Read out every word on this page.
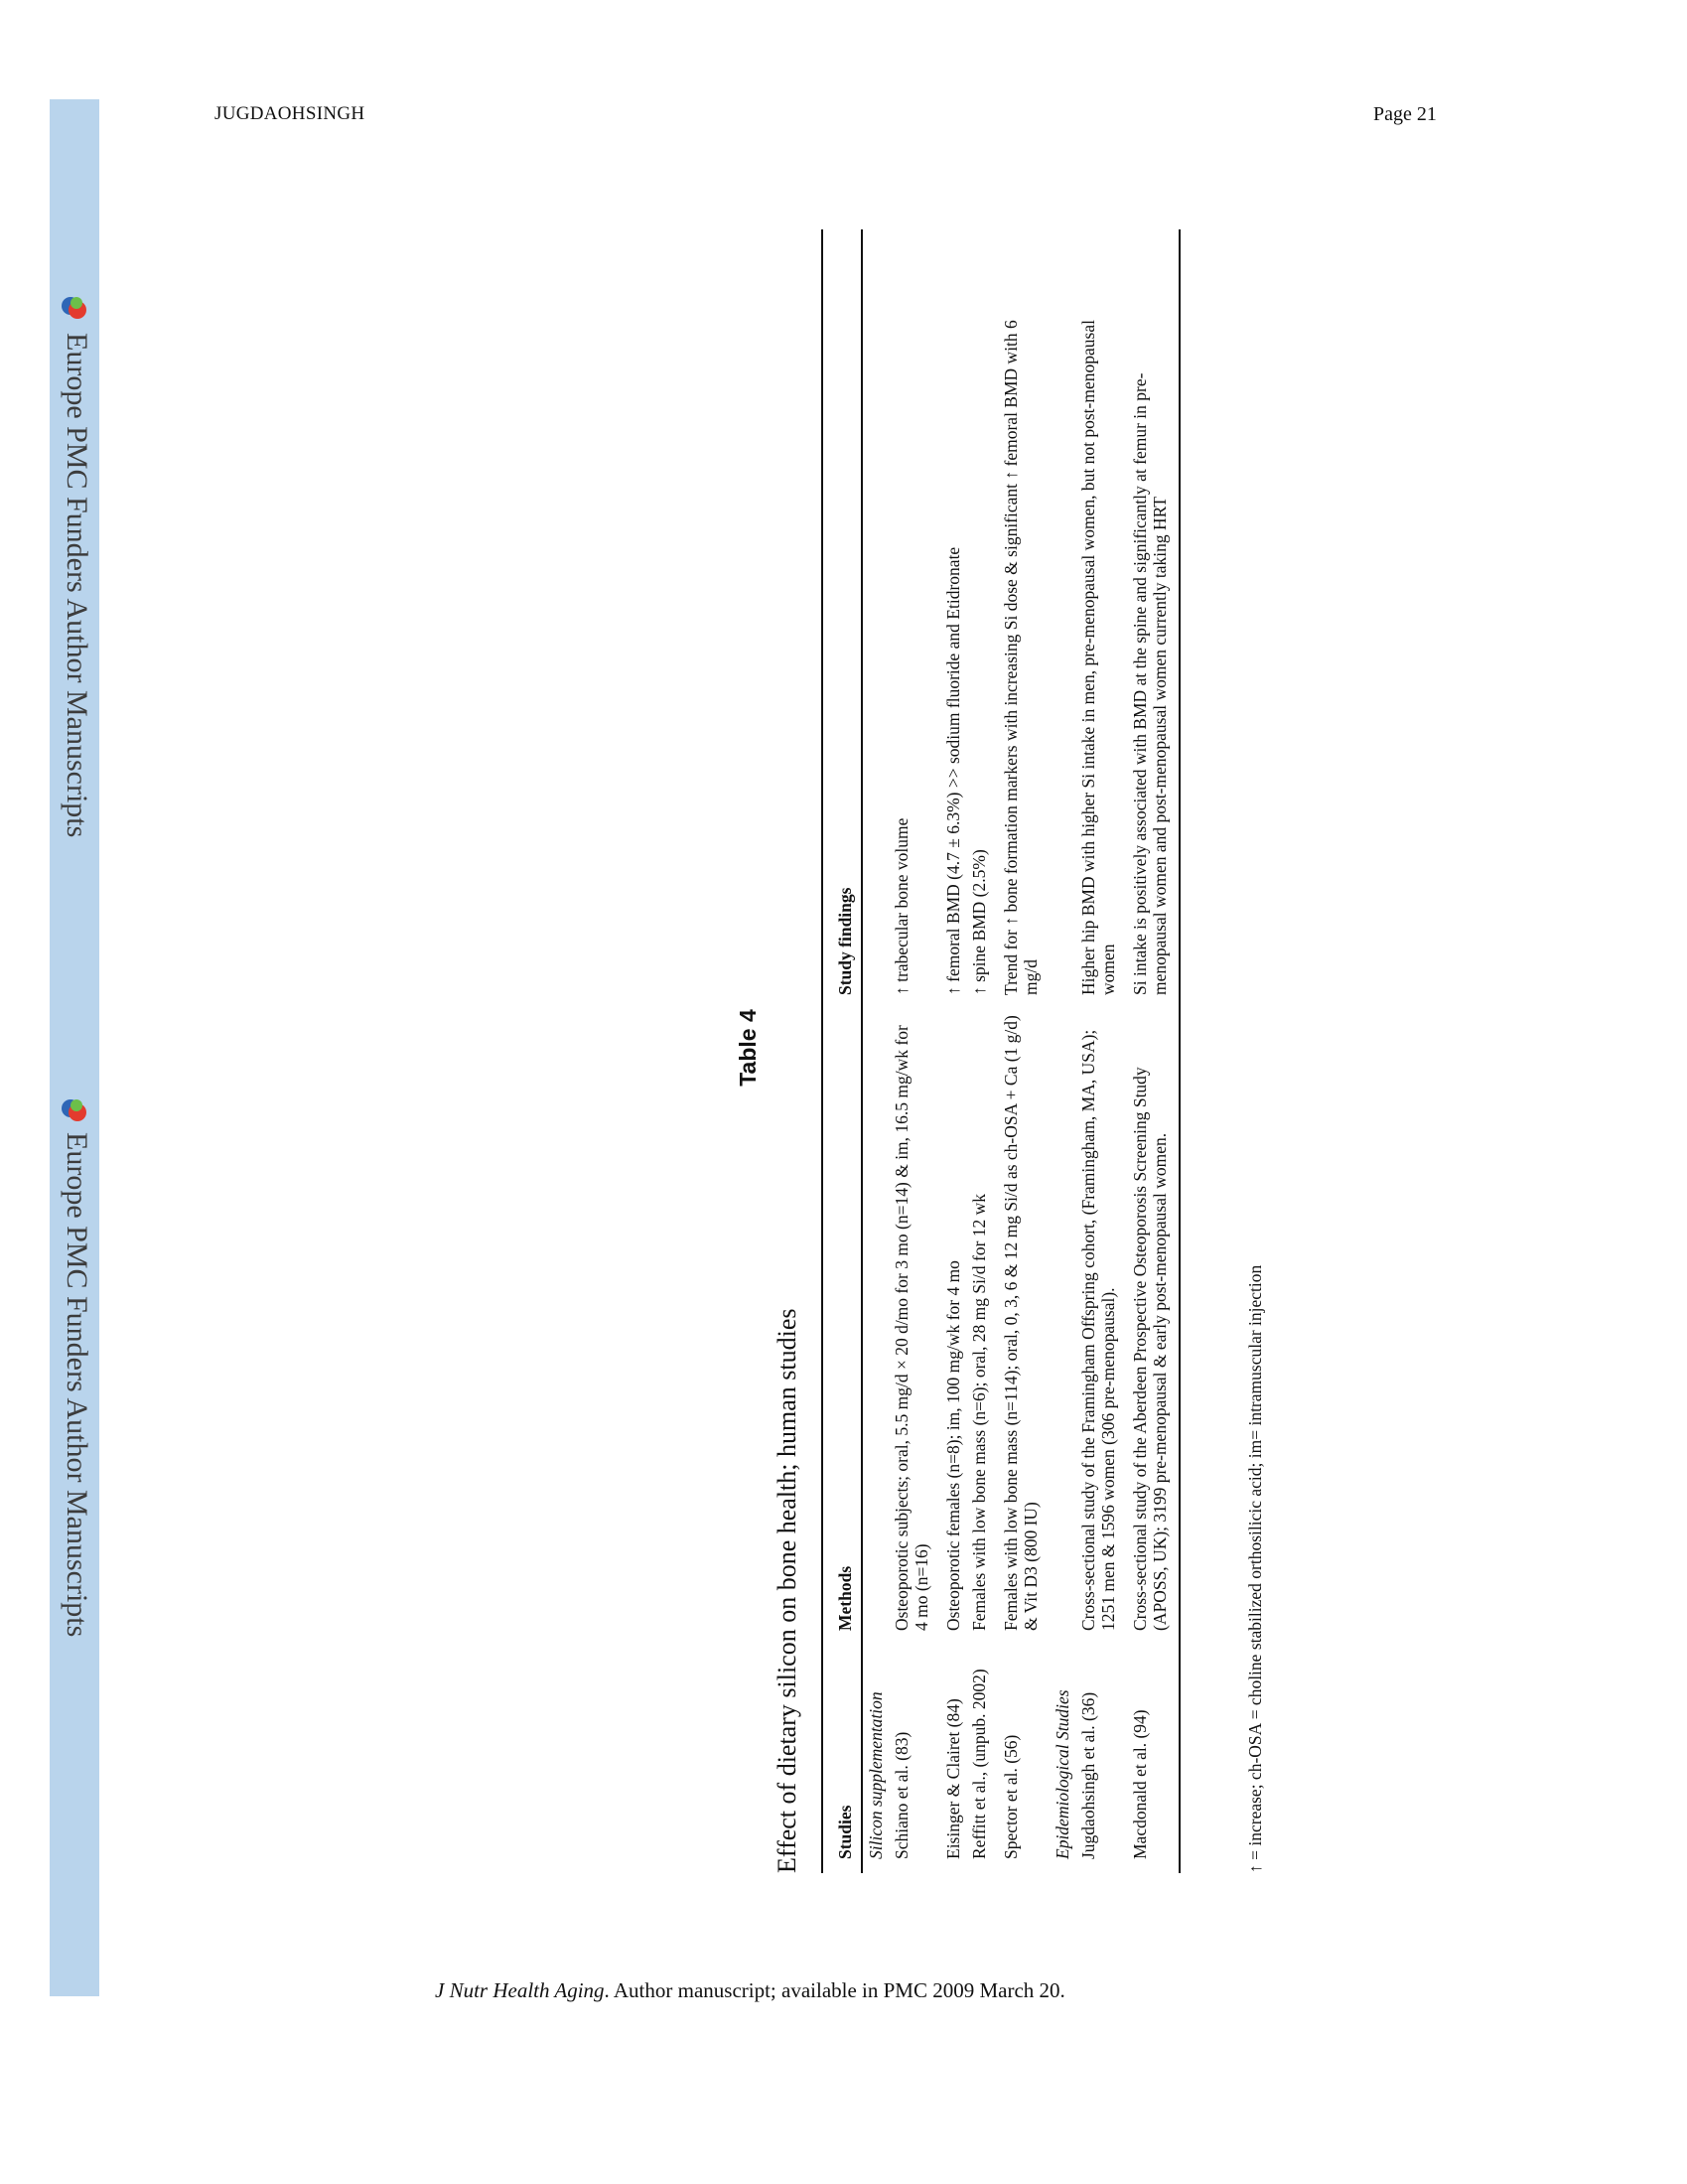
Europe PMC Funders Author Manuscripts
Europe PMC Funders Author Manuscripts
JUGDAOHSINGH	Page 21
J Nutr Health Aging. Author manuscript; available in PMC 2009 March 20.
Table 4
Effect of dietary silicon on bone health; human studies Studies
Methods
Study findings
Silicon supplementation Schiano et al. (83)
Osteoporotic subjects; oral, 5.5 mg/d × 20 d/mo for 3 mo (n=14) & im, 16.5 mg/wk for 4 mo (n=16)
↑ trabecular bone volume
Eisinger & Clairet (84)
Osteoporotic females (n=8); im, 100 mg/wk for 4 mo
↑ femoral BMD (4.7 ± 6.3%) >> sodium fluoride and Etidronate
Reffitt et al., (unpub. 2002)
Females with low bone mass (n=6); oral, 28 mg Si/d for 12 wk
↑ spine BMD (2.5%)
Spector et al. (56)
Females with low bone mass (n=114); oral, 0, 3, 6 & 12 mg Si/d as ch-OSA + Ca (1 g/d) & Vit D3 (800 IU)
Trend for ↑ bone formation markers with increasing Si dose & significant ↑ femoral BMD with 6 mg/d
Epidemiological Studies Jugdaohsingh et al. (36)
Cross-sectional study of the Framingham Offspring cohort, (Framingham, MA, USA); 1251 men & 1596 women (306 pre-menopausal).
Higher hip BMD with higher Si intake in men, pre-menopausal women, but not post-menopausal women
Macdonald et al. (94)
Cross-sectional study of the Aberdeen Prospective Osteoporosis Screening Study (APOSS, UK); 3199 pre-menopausal & early post-menopausal women.
Si intake is positively associated with BMD at the spine and significantly at femur in pre-menopausal women and post-menopausal women currently taking HRT
↑ = increase; ch-OSA = choline stabilized orthosilicic acid; im= intramuscular injection
